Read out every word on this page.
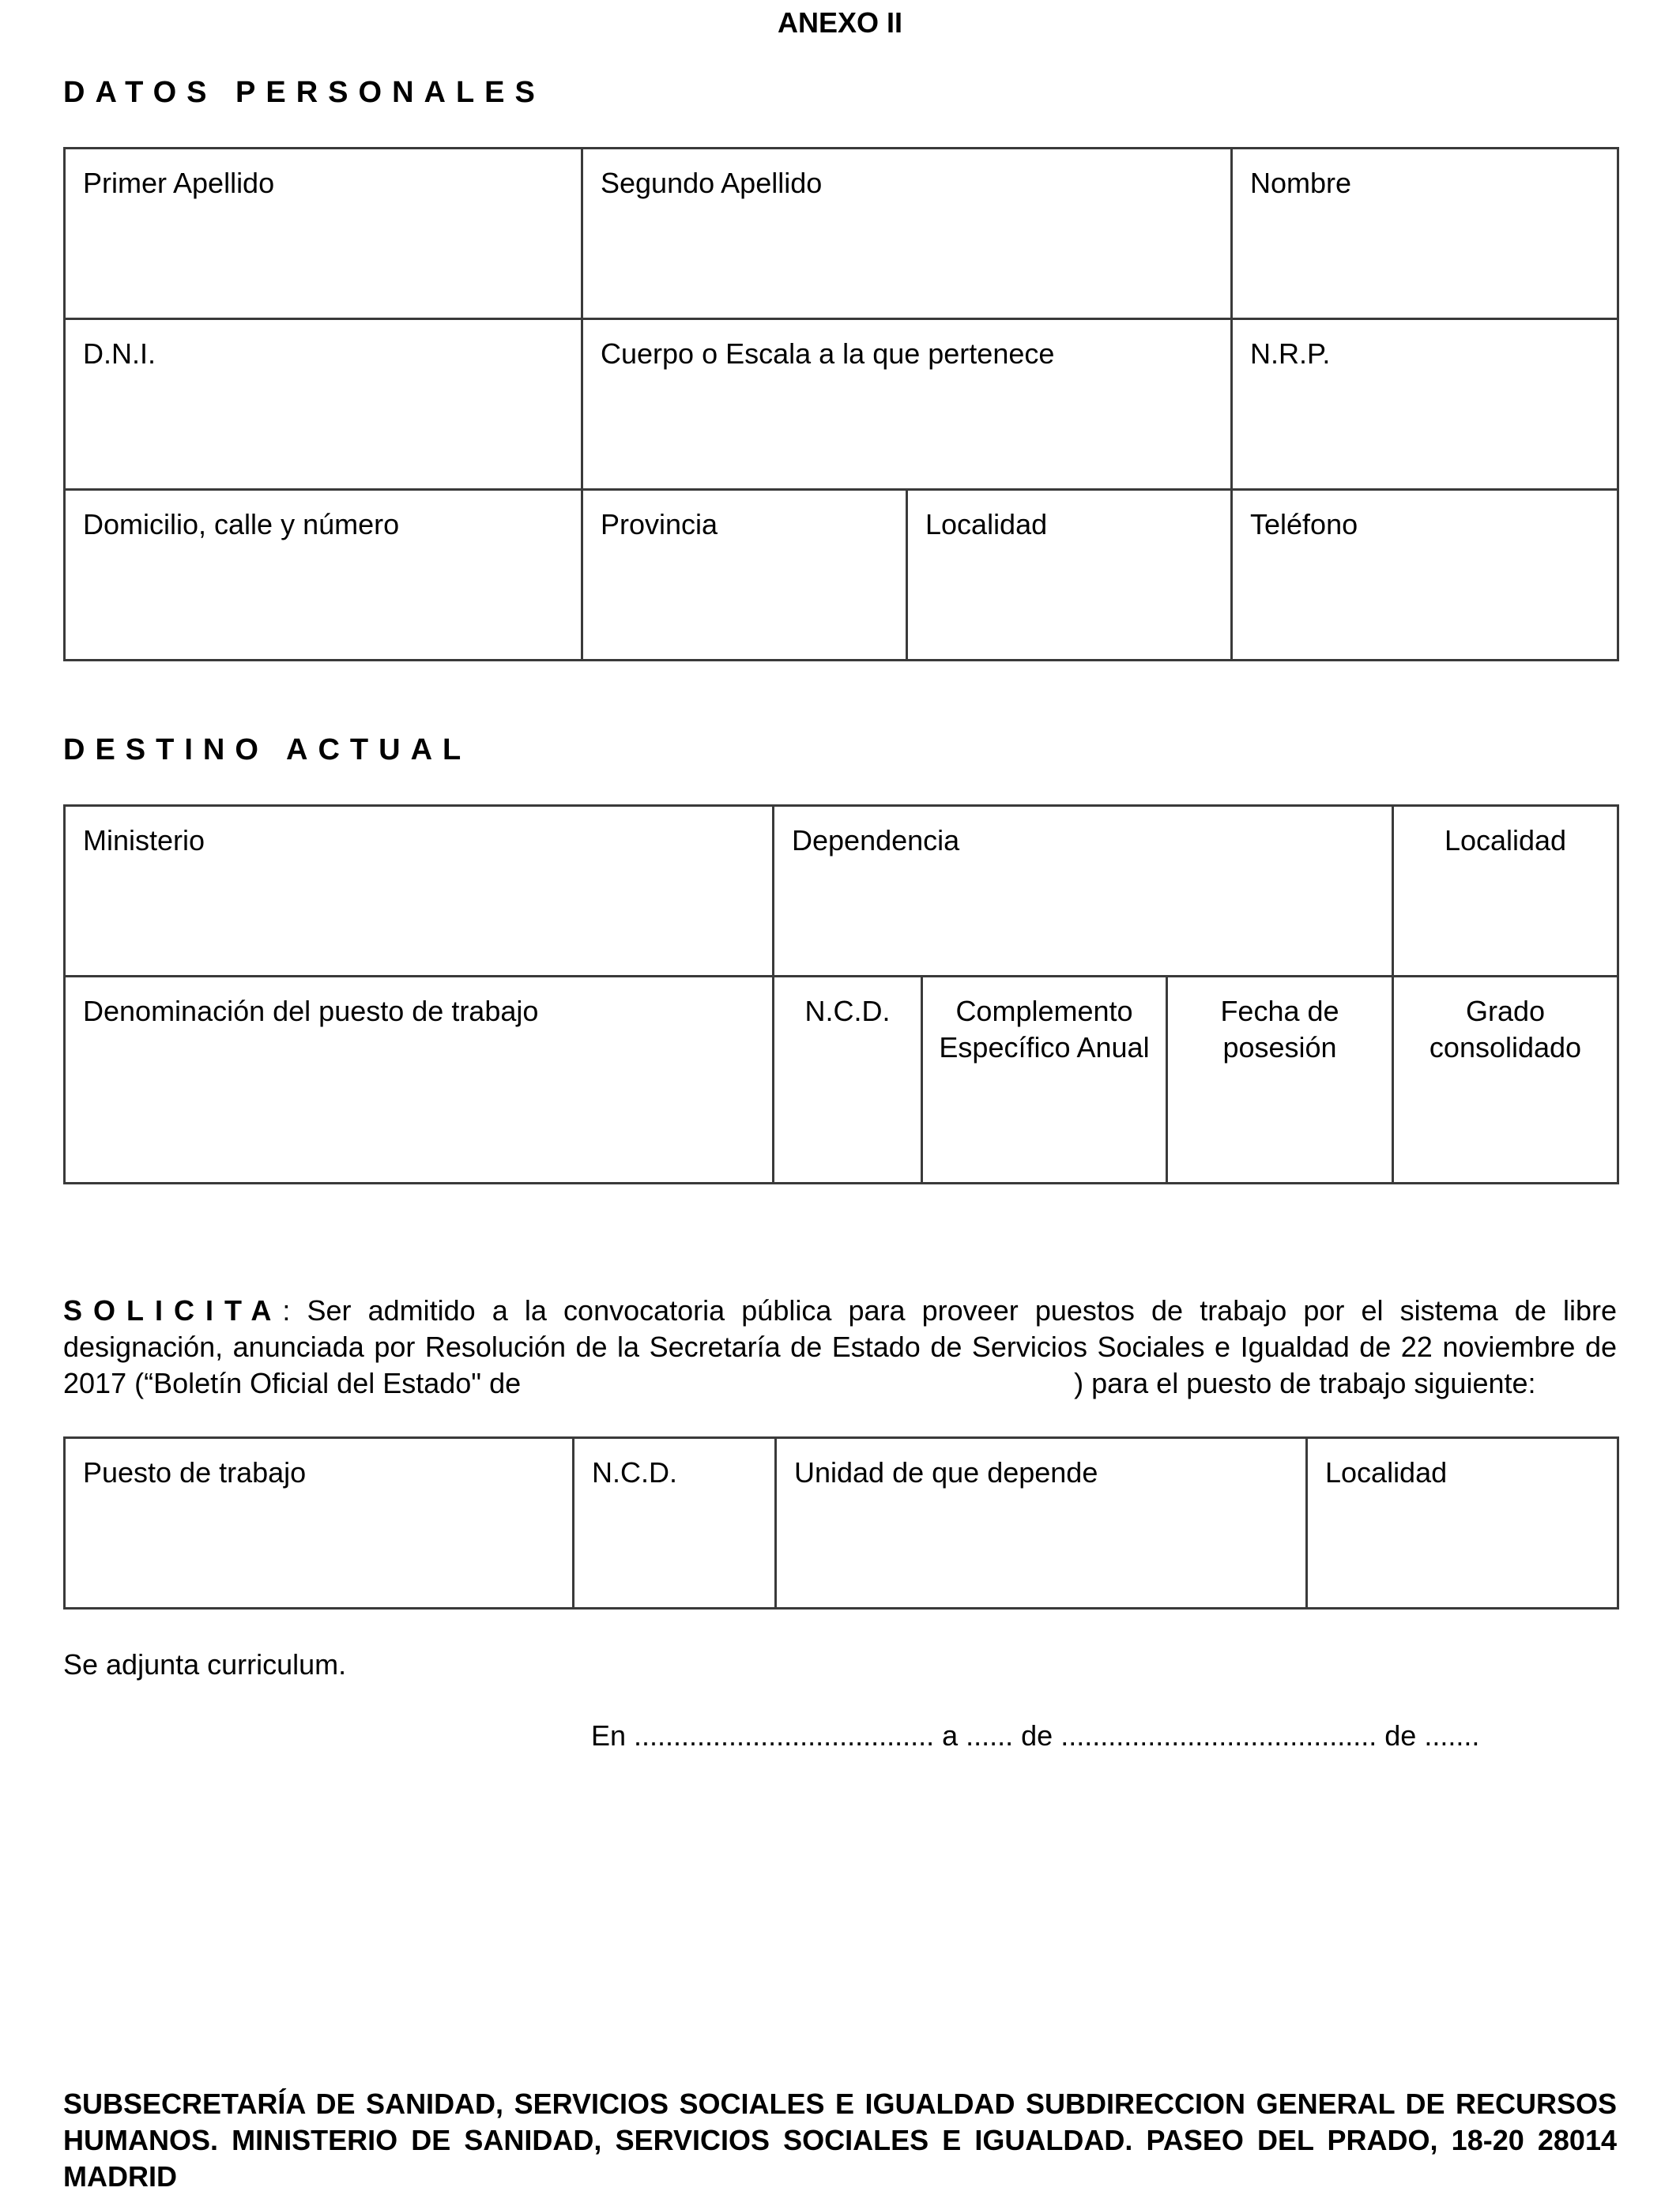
ANEXO II
DATOS PERSONALES
Primer Apellido	Segundo Apellido		Nombre
D.N.I.	Cuerpo o Escala a la que pertenece		N.R.P.
Domicilio, calle y número	Provincia	Localidad	Teléfono
DESTINO ACTUAL
Ministerio	Dependencia			Localidad
Denominación del puesto de trabajo	N.C.D.	Complemento Específico Anual	Fecha de posesión	Grado consolidado
SOLICITA: Ser admitido a la convocatoria pública para proveer puestos de trabajo por el sistema de libre designación, anunciada por Resolución de la Secretaría de Estado de Servicios Sociales e Igualdad de 22 noviembre de 2017 (“Boletín Oficial del Estado" de	) para el puesto de trabajo siguiente:
Puesto de trabajo	N.C.D.	Unidad de que depende	Localidad
Se adjunta curriculum.
En ...................................... a ...... de ........................................ de .......
SUBSECRETARÍA DE SANIDAD, SERVICIOS SOCIALES E IGUALDAD SUBDIRECCION GENERAL DE RECURSOS HUMANOS. MINISTERIO DE SANIDAD, SERVICIOS SOCIALES E IGUALDAD. PASEO DEL PRADO, 18-20 28014 MADRID
